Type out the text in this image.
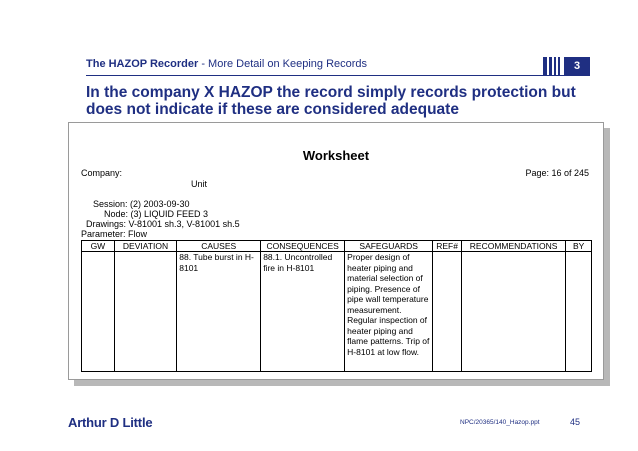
The HAZOP Recorder - More Detail on Keeping Records	3
In the company X HAZOP the record simply records protection but does not indicate if these are considered adequate
Worksheet
Company:	Page: 16 of 245
Unit
Session: (2) 2003-09-30
Node: (3) LIQUID FEED 3
Drawings: V-81001 sh.3, V-81001 sh.5
Parameter: Flow
GW	DEVIATION	CAUSES	CONSEQUENCES	SAFEGUARDS	REF#	RECOMMENDATIONS	BY
		88. Tube burst in H-8101	88.1. Uncontrolled fire in H-8101	Proper design of heater piping and material selection of piping. Presence of pipe wall temperature measurement. Regular inspection of heater piping and flame patterns. Trip of H-8101 at low flow.			
Arthur D Little	NPC/20365/140_Hazop.ppt	45
